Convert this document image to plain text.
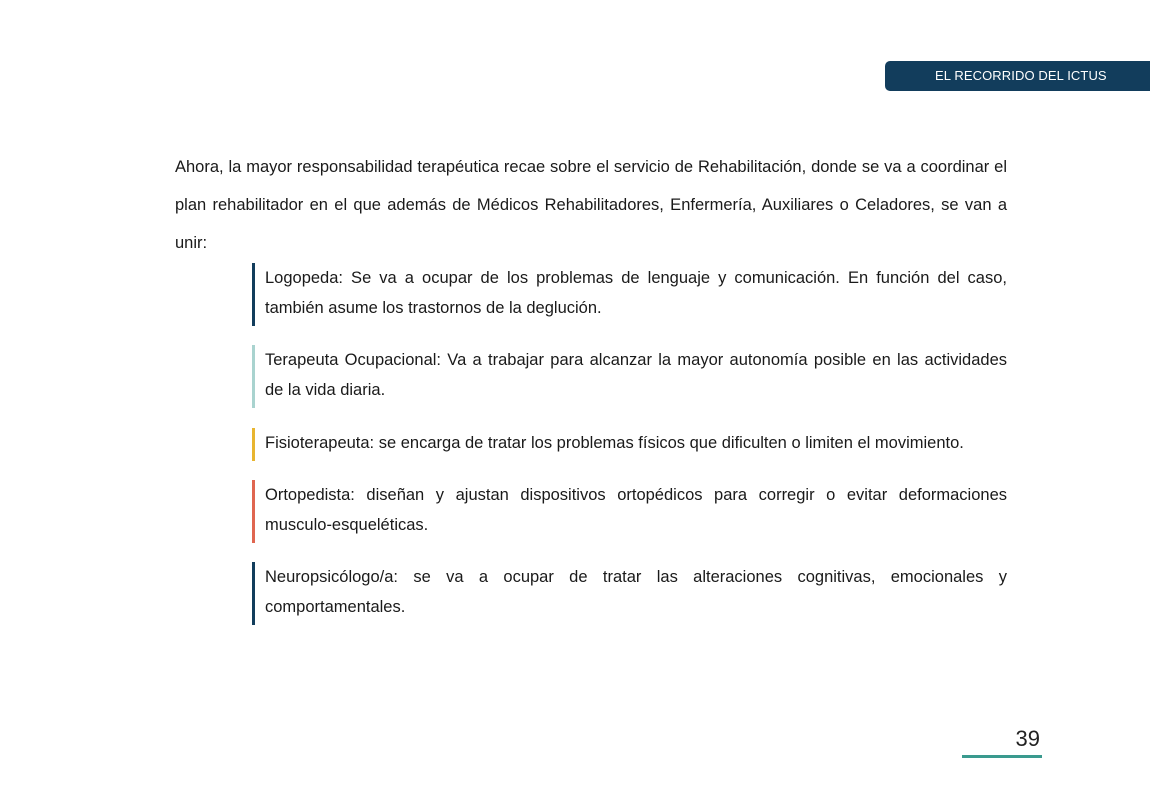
EL RECORRIDO DEL ICTUS

Ahora, la mayor responsabilidad terapéutica recae sobre el servicio de Rehabilitación, donde se va a coordinar el plan rehabilitador en el que además de Médicos Rehabilitadores, Enfermería, Auxiliares o Celadores, se van a unir:

Logopeda: Se va a ocupar de los problemas de lenguaje y comunicación. En función del caso, también asume los trastornos de la deglución.
Terapeuta Ocupacional: Va a trabajar para alcanzar la mayor autonomía posible en las actividades de la vida diaria.
Fisioterapeuta: se encarga de tratar los problemas físicos que dificulten o limiten el movimiento.
Ortopedista: diseñan y ajustan dispositivos ortopédicos para corregir o evitar deformaciones musculo-esqueléticas.
Neuropsicólogo/a: se va a ocupar de tratar las alteraciones cognitivas, emocionales y comportamentales.
39
